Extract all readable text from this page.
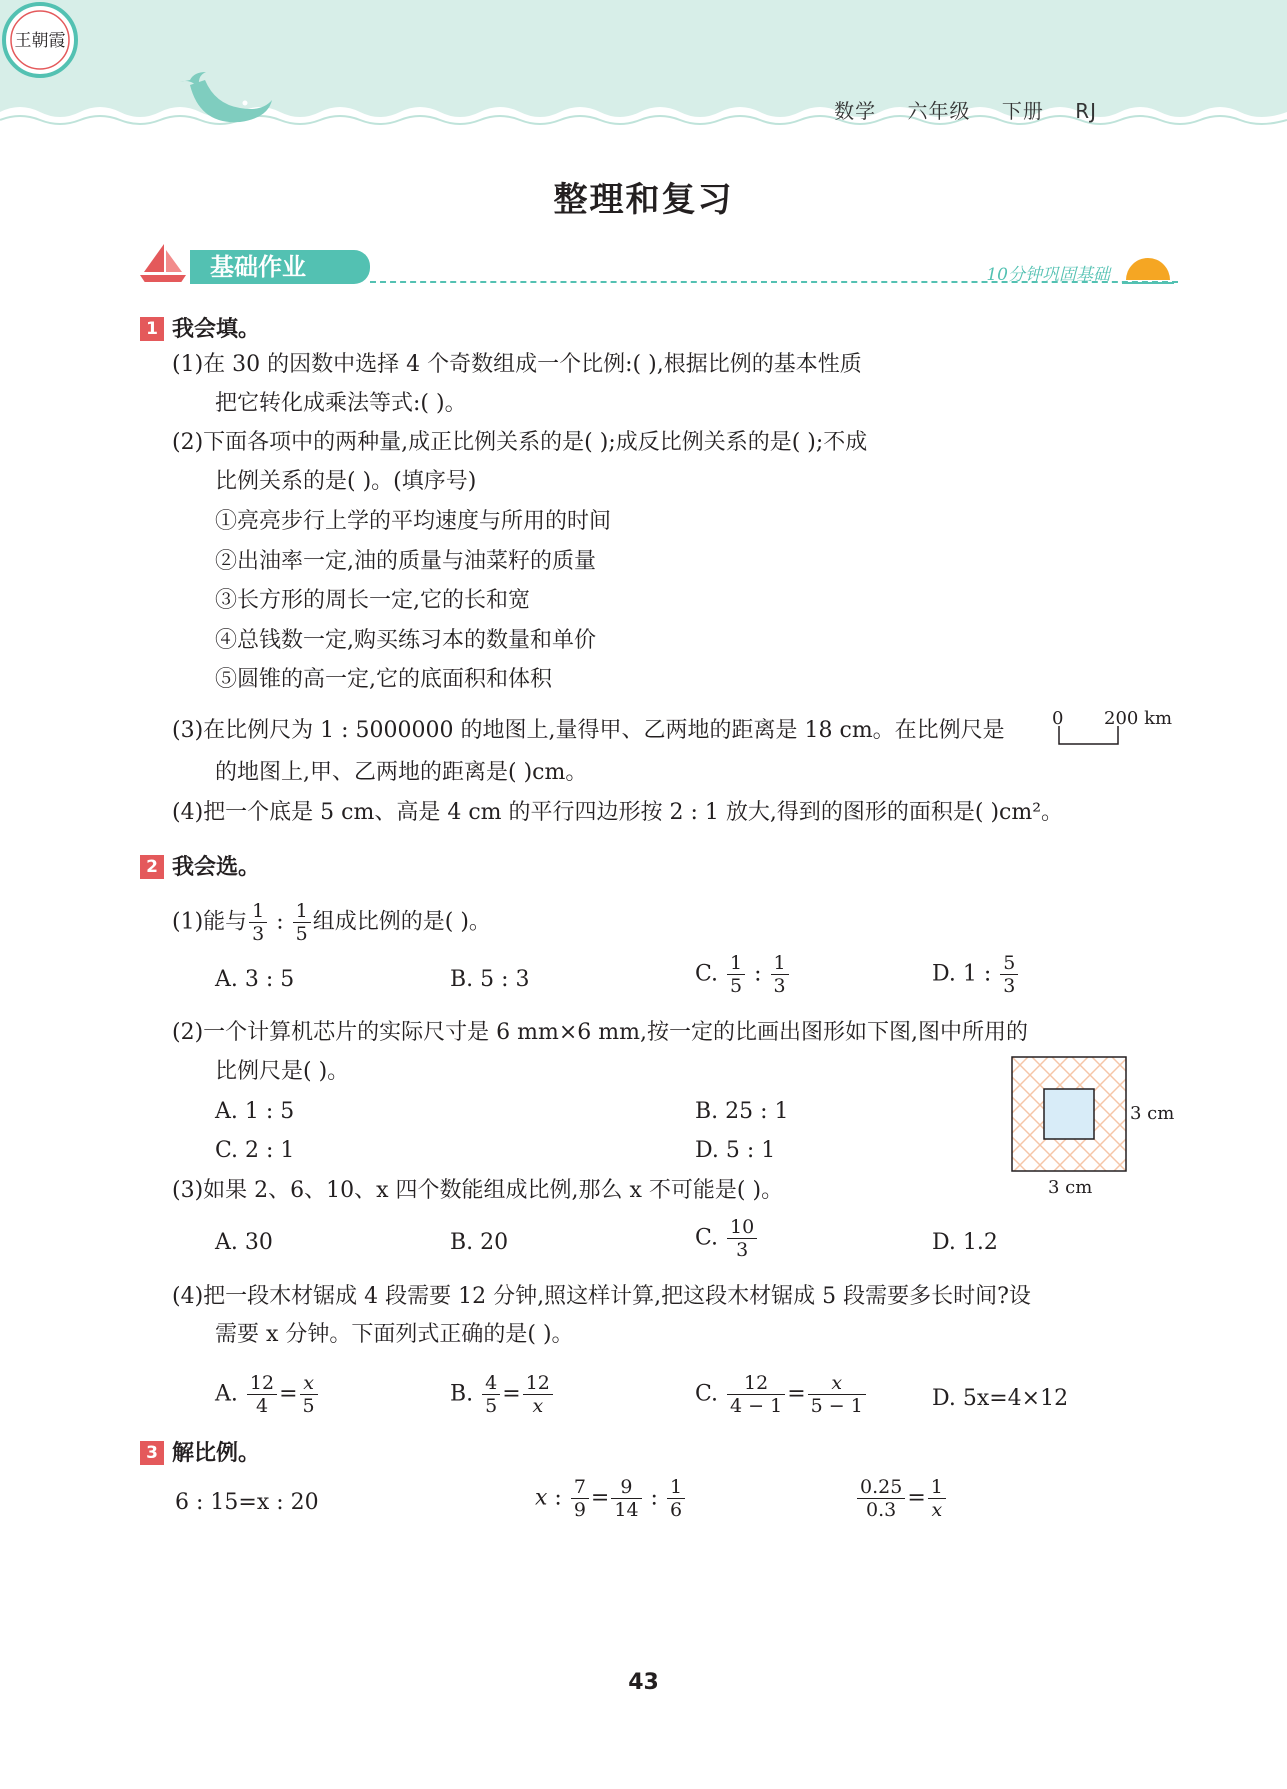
数学 六年级 下册 RJ
王朝霞
整理和复习
基础作业	10分钟巩固基础
1 我会填。
(1)在 30 的因数中选择 4 个奇数组成一个比例:( ),根据比例的基本性质
把它转化成乘法等式:( )。
(2)下面各项中的两种量,成正比例关系的是( );成反比例关系的是( );不成
比例关系的是( )。(填序号)
①亮亮步行上学的平均速度与所用的时间
②出油率一定,油的质量与油菜籽的质量
③长方形的周长一定,它的长和宽
④总钱数一定,购买练习本的数量和单价
⑤圆锥的高一定,它的底面积和体积
(3)在比例尺为 1 : 5000000 的地图上,量得甲、乙两地的距离是 18 cm。在比例尺是	0 200 km
的地图上,甲、乙两地的距离是( )cm。
(4)把一个底是 5 cm、高是 4 cm 的平行四边形按 2 : 1 放大,得到的图形的面积是( )cm²。
2 我会选。
(1)能与 $\frac{1}{3}$ : $\frac{1}{5}$ 组成比例的是( )。
A. 3 : 5	B. 5 : 3	C. $\frac{1}{5}$ : $\frac{1}{3}$	D. 1 : $\frac{5}{3}$
(2)一个计算机芯片的实际尺寸是 6 mm×6 mm,按一定的比画出图形如下图,图中所用的
比例尺是( )。
A. 1 : 5	B. 25 : 1
C. 2 : 1	D. 5 : 1
3 cm
3 cm
(3)如果 2、6、10、x 四个数能组成比例,那么 x 不可能是( )。
A. 30	B. 20	C. $\frac{10}{3}$	D. 1.2
(4)把一段木材锯成 4 段需要 12 分钟,照这样计算,把这段木材锯成 5 段需要多长时间?设
需要 x 分钟。下面列式正确的是( )。
A. $\frac{12}{4} = \frac{x}{5}$	B. $\frac{4}{5} = \frac{12}{x}$	C. $\frac{12}{4 - 1} = \frac{x}{5 - 1}$	D. 5x=4×12
3 解比例。
6 : 15=x : 20	x : $\frac{7}{9} = \frac{9}{14}$ : $\frac{1}{6}$	$\frac{0.25}{0.3} = \frac{1}{x}$
43
